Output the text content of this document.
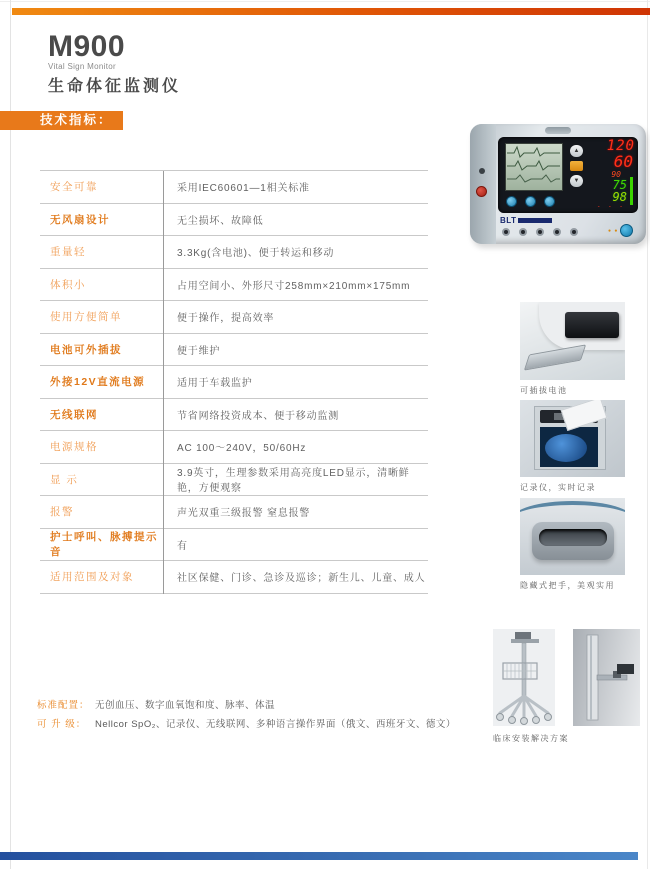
M900
Vital Sign Monitor
生命体征监测仪
技术指标：
▲
▼
120
60
90
75
98
- - -
BLT
● ●
安全可靠	采用IEC60601—1相关标准
无风扇设计	无尘损坏、故障低
重量轻	3.3Kg(含电池)、便于转运和移动
体积小	占用空间小、外形尺寸258mm×210mm×175mm
使用方便简单	便于操作，提高效率
电池可外插拔	便于维护
外接12V直流电源	适用于车载监护
无线联网	节省网络投资成本、便于移动监测
电源规格	AC 100～240V，50/60Hz
显 示	3.9英寸，生理参数采用高亮度LED显示，清晰鲜艳，方便观察
报警	声光双重三级报警 窒息报警
护士呼叫、脉搏提示音	有
适用范围及对象	社区保健、门诊、急诊及巡诊；新生儿、儿童、成人
可插拔电池
记录仪，实时记录
隐藏式把手，美观实用
临床安装解决方案
标准配置： 无创血压、数字血氧饱和度、脉率、体温
可 升 级： Nellcor SpO₂、记录仪、无线联网、多种语言操作界面（俄文、西班牙文、德文）
